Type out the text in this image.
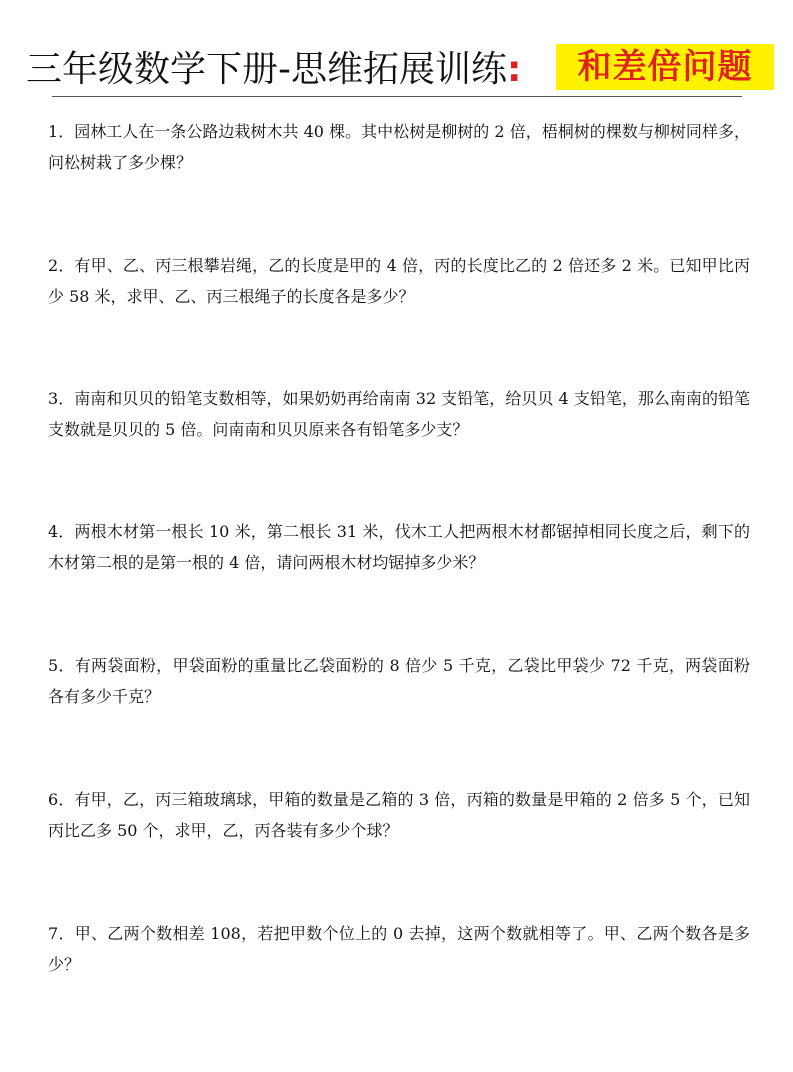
三年级数学下册-思维拓展训练:	和差倍问题

1．园林工人在一条公路边栽树木共 40 棵。其中松树是柳树的 2 倍，梧桐树的棵数与柳树同样多，问松树栽了多少棵？

2．有甲、乙、丙三根攀岩绳，乙的长度是甲的 4 倍，丙的长度比乙的 2 倍还多 2 米。已知甲比丙少 58 米，求甲、乙、丙三根绳子的长度各是多少？

3．南南和贝贝的铅笔支数相等，如果奶奶再给南南 32 支铅笔，给贝贝 4 支铅笔，那么南南的铅笔支数就是贝贝的 5 倍。问南南和贝贝原来各有铅笔多少支？

4．两根木材第一根长 10 米，第二根长 31 米，伐木工人把两根木材都锯掉相同长度之后，剩下的木材第二根的是第一根的 4 倍，请问两根木材均锯掉多少米？

5．有两袋面粉，甲袋面粉的重量比乙袋面粉的 8 倍少 5 千克，乙袋比甲袋少 72 千克，两袋面粉各有多少千克？

6．有甲，乙，丙三箱玻璃球，甲箱的数量是乙箱的 3 倍，丙箱的数量是甲箱的 2 倍多 5 个，已知丙比乙多 50 个，求甲，乙，丙各装有多少个球？

7．甲、乙两个数相差 108，若把甲数个位上的 0 去掉，这两个数就相等了。甲、乙两个数各是多少？
